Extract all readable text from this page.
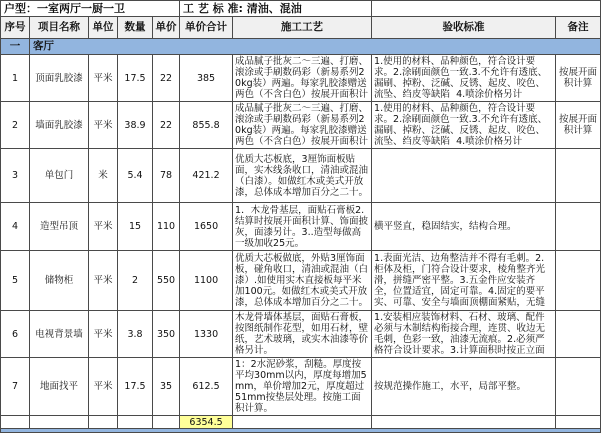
户型：一室两厅一厨一卫					工 艺 标 准: 清油、混油			
序号	项目名称	单位	数量	单价	单价合计	施工工艺	验收标准	备注
一	客厅							
1	顶面乳胶漆	平米	17.5	22	385	成品腻子批灰二～三遍、打磨、滚涂或手刷数码彩（新易系列20kg装）两遍。每家乳胶漆赠送两色（不含白色）按展开面积计	1.使用的材料、品种颜色，符合设计要求。2.涂刷面颜色一致.3.不允许有透底、漏刷、掉粉、泛碱、反锈、起皮、咬色、流坠、绉皮等缺陷  4.喷涂价格另计	按展开面积计算
2	墙面乳胶漆	平米	38.9	22	855.8	成品腻子批灰二～三遍、打磨、滚涂或手刷数码彩（新易系列20kg装）两遍。每家乳胶漆赠送两色（不含白色）按展开面积计	1.使用的材料、品种颜色，符合设计要求。2.涂刷面颜色一致.3.不允许有透底、漏刷、掉粉、泛碱、反锈、起皮、咬色、流坠、绉皮等缺陷  4.喷涂价格另计	按展开面积计算
3	单包门	米	5.4	78	421.2	优质大芯板底，3厘饰面板贴面，实木线条收口，清油或混油（白漆）。如做红木或美式开放漆，总体成本增加百分之二十。		
4	造型吊顶	平米	15	110	1650	1．木龙骨基层，面贴石膏板2.结算时按展开面积计算、饰面披灰，面漆另计。3..造型每做高一级加收25元。	横平竖直，稳固结实，结构合理。	
5	储物柜	平米	2	550	1100	优质大芯板做底，外贴3厘饰面板，碰角收口，清油或混油（白漆）.如使用实木直接板每平米加100元。如做红木或美式开放漆，总体成本增加百分之二十。	1.表面光洁、边角整洁并不得有毛刺。2.柜体及柜，门符合设计要求，棱角整齐光滑，拼缝严密平整。3.五金件应安装齐全，位置适宜，固定可靠。4.固定的要平实、可靠、安全与墙面顶棚面紧贴，无缝	
6	电视背景墙	平米	3.8	350	1330	木龙骨墙体基层，面贴石膏板，按图纸制作花型，如用石材，壁纸，艺术玻璃，或实木油漆等价格另计。	1.安装相应装饰材料、石材、玻璃、配件必须与木制结构衔接合理，连贯、收边无毛刺，色彩一致，油漆无流痕。2.必须严格符合设计要求。3.计算面积时按正立面	
7	地面找平	平米	17.5	35	612.5	1：2水泥砂浆，刮糙。厚度按平均30mm以内，厚度每增加5mm，单价增加2元，厚度超过51mm按垫层处理。按施工面积计算。	按规范操作施工，水平，局部平整。	
					6354.5			
